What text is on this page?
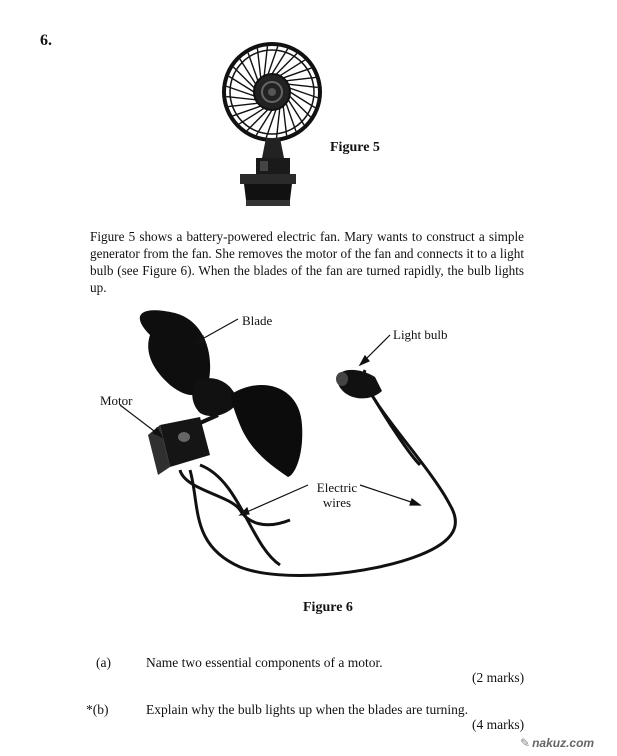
6.
Figure 5

Figure 5 shows a battery-powered electric fan. Mary wants to construct a simple generator from the fan. She removes the motor of the fan and connects it to a light bulb (see Figure 6). When the blades of the fan are turned rapidly, the bulb lights up.

Blade
Light bulb
Motor
Electric
wires
Figure 6
(a)	Name two essential components of a motor.
(2 marks)
*(b)	Explain why the bulb lights up when the blades are turning.
(4 marks)
✎ nakuz.com
